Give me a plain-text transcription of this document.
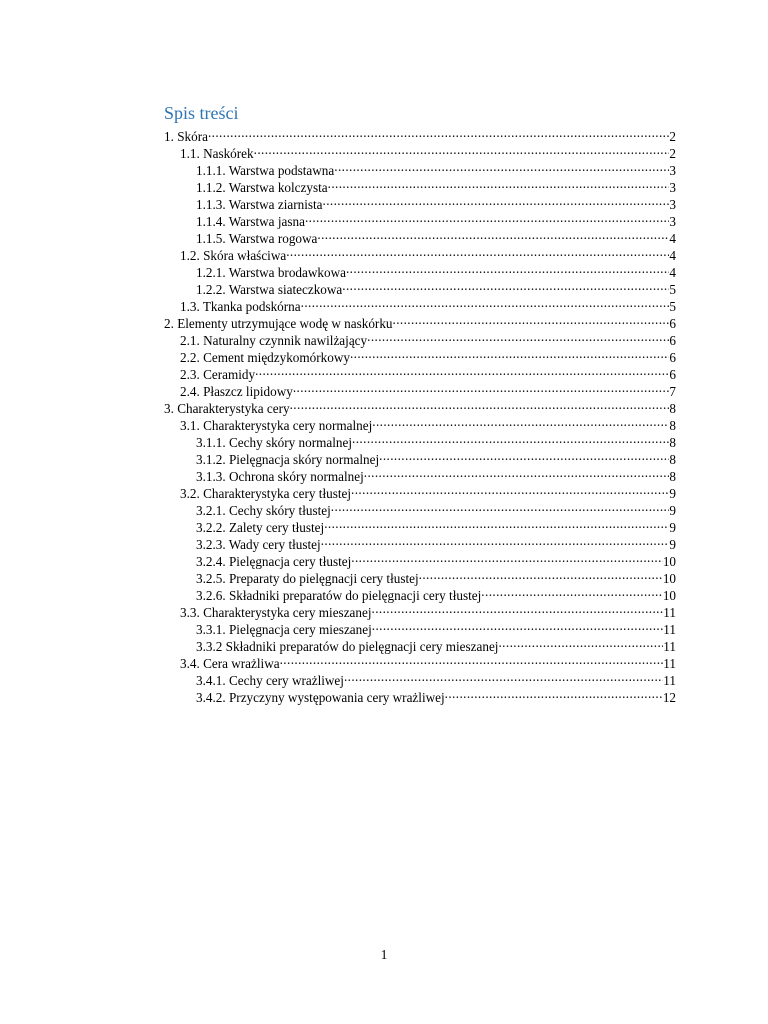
Spis treści
1. Skóra .....	2
1.1. Naskórek .....	2
1.1.1. Warstwa podstawna .....	3
1.1.2. Warstwa kolczysta .....	3
1.1.3. Warstwa ziarnista .....	3
1.1.4. Warstwa jasna .....	3
1.1.5. Warstwa rogowa .....	4
1.2. Skóra właściwa .....	4
1.2.1. Warstwa brodawkowa .....	4
1.2.2. Warstwa siateczkowa .....	5
1.3. Tkanka podskórna .....	5
2. Elementy utrzymujące wodę w naskórku .....	6
2.1. Naturalny czynnik nawilżający .....	6
2.2. Cement międzykomórkowy .....	6
2.3. Ceramidy .....	6
2.4. Płaszcz lipidowy .....	7
3. Charakterystyka cery .....	8
3.1. Charakterystyka cery normalnej .....	8
3.1.1. Cechy skóry normalnej .....	8
3.1.2. Pielęgnacja skóry normalnej .....	8
3.1.3. Ochrona skóry normalnej .....	8
3.2. Charakterystyka cery tłustej .....	9
3.2.1. Cechy skóry tłustej .....	9
3.2.2. Zalety cery tłustej .....	9
3.2.3. Wady cery tłustej .....	9
3.2.4. Pielęgnacja cery tłustej .....	10
3.2.5. Preparaty do pielęgnacji cery tłustej .....	10
3.2.6. Składniki preparatów do pielęgnacji cery tłustej .....	10
3.3. Charakterystyka cery mieszanej .....	11
3.3.1. Pielęgnacja cery mieszanej .....	11
3.3.2 Składniki preparatów do pielęgnacji cery mieszanej .....	11
3.4. Cera wrażliwa .....	11
3.4.1. Cechy cery wrażliwej .....	11
3.4.2. Przyczyny występowania cery wrażliwej .....	12
1
